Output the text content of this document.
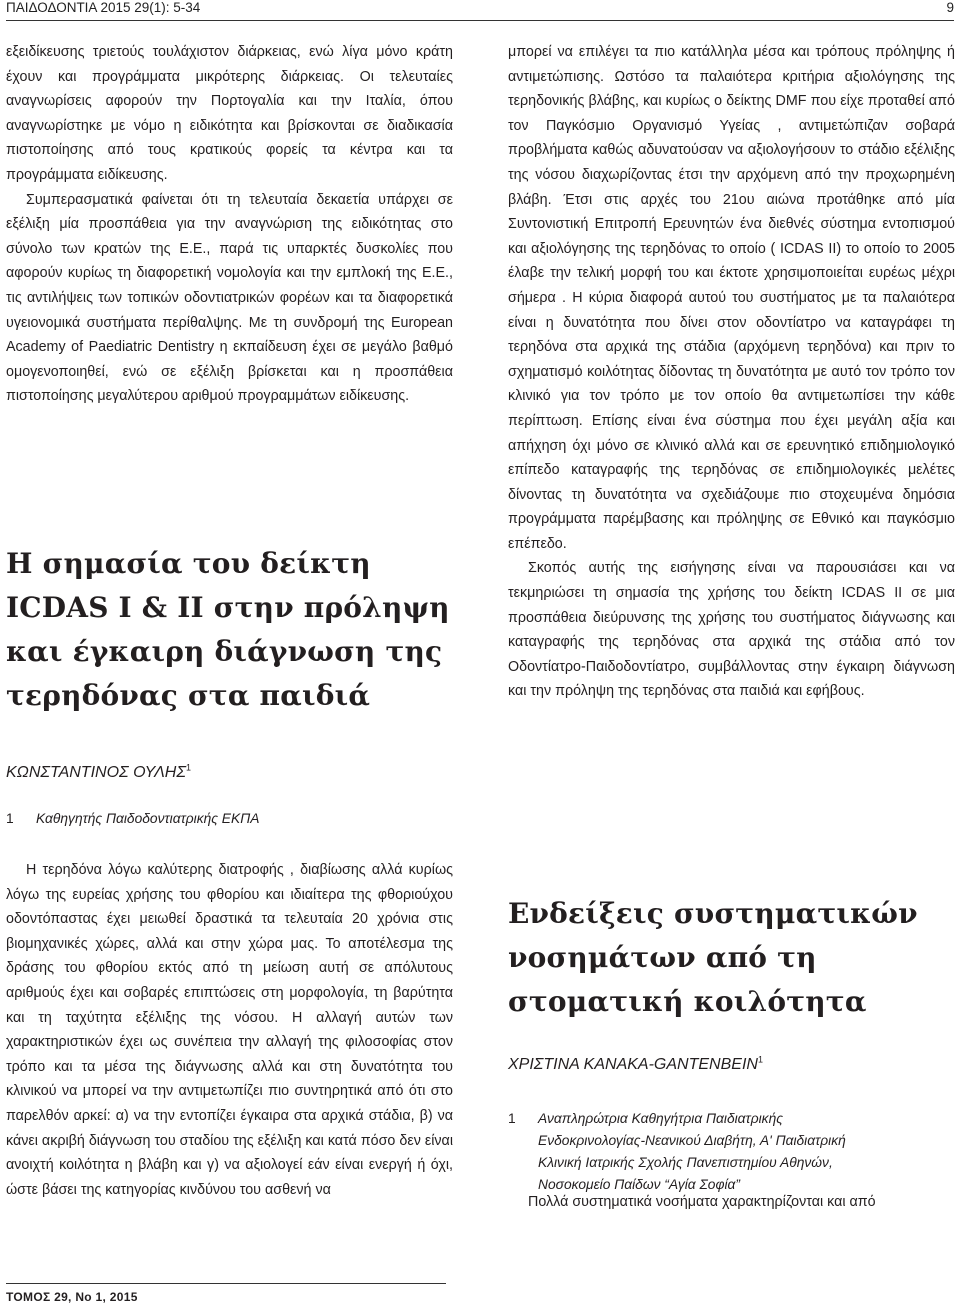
ΠΑΙΔΟΔΟΝΤΙΑ 2015 29(1): 5-34	9

εξειδίκευσης τριετούς τουλάχιστον διάρκειας, ενώ λίγα μόνο κράτη έχουν και προγράμματα μικρότερης διάρκειας. Οι τελευταίες αναγνωρίσεις αφορούν την Πορτογαλία και την Ιταλία, όπου αναγνωρίστηκε με νόμο η ειδικότητα και βρίσκονται σε διαδικασία πιστοποίησης από τους κρατικούς φορείς τα κέντρα και τα προγράμματα ειδίκευσης.

Συμπερασματικά φαίνεται ότι τη τελευταία δεκαετία υπάρχει σε εξέλιξη μία προσπάθεια για την αναγνώριση της ειδικότητας στο σύνολο των κρατών της Ε.Ε., παρά τις υπαρκτές δυσκολίες που αφορούν κυρίως τη διαφορετική νομολογία και την εμπλοκή της Ε.Ε., τις αντιλήψεις των τοπικών οδοντιατρικών φορέων και τα διαφορετικά υγειονομικά συστήματα περίθαλψης. Με τη συνδρομή της European Academy of Paediatric Dentistry η εκπαίδευση έχει σε μεγάλο βαθμό ομογενοποιηθεί, ενώ σε εξέλιξη βρίσκεται και η προσπάθεια πιστοποίησης μεγαλύτερου αριθμού προγραμμάτων ειδίκευσης.

Η σημασία του δείκτη ICDAS I & II στην πρόληψη και έγκαιρη διάγνωση της τερηδόνας στα παιδιά
ΚΩΝΣΤΑΝΤΙΝΟΣ ΟΥΛΗΣ$^1$
1 Καθηγητής Παιδοδοντιατρικής ΕΚΠΑ

Η τερηδόνα λόγω καλύτερης διατροφής , διαβίωσης αλλά κυρίως λόγω της ευρείας χρήσης του φθορίου και ιδιαίτερα της φθοριούχου οδοντόπαστας έχει μειωθεί δραστικά τα τελευταία 20 χρόνια στις βιομηχανικές χώρες, αλλά και στην χώρα μας. Το αποτέλεσμα της δράσης του φθορίου εκτός από τη μείωση αυτή σε απόλυτους αριθμούς έχει και σοβαρές επιπτώσεις στη μορφολογία, τη βαρύτητα και τη ταχύτητα εξέλιξης της νόσου. Η αλλαγή αυτών των χαρακτηριστικών έχει ως συνέπεια την αλλαγή της φιλοσοφίας στον τρόπο και τα μέσα της διάγνωσης αλλά και στη δυνατότητα του κλινικού να μπορεί να την αντιμετωπίζει πιο συντηρητικά από ότι στο παρελθόν αρκεί: α) να την εντοπίζει έγκαιρα στα αρχικά στάδια, β) να κάνει ακριβή διάγνωση του σταδίου της εξέλιξη και κατά πόσο δεν είναι ανοιχτή κοιλότητα η βλάβη και γ) να αξιολογεί εάν είναι ενεργή ή όχι, ώστε βάσει της κατηγορίας κινδύνου του ασθενή να

μπορεί να επιλέγει τα πιο κατάλληλα μέσα και τρόπους πρόληψης ή αντιμετώπισης. Ωστόσο τα παλαιότερα κριτήρια αξιολόγησης της τερηδονικής βλάβης, και κυρίως ο δείκτης DMF που είχε προταθεί από τον Παγκόσμιο Οργανισμό Υγείας , αντιμετώπιζαν σοβαρά προβλήματα καθώς αδυνατούσαν να αξιολογήσουν το στάδιο εξέλιξης της νόσου διαχωρίζοντας έτσι την αρχόμενη από την προχωρημένη βλάβη. Έτσι στις αρχές του 21ου αιώνα προτάθηκε από μία Συντονιστική Επιτροπή Ερευνητών ένα διεθνές σύστημα εντοπισμού και αξιολόγησης της τερηδόνας το οποίο ( ICDAS II) το οποίο το 2005 έλαβε την τελική μορφή του και έκτοτε χρησιμοποιείται ευρέως μέχρι σήμερα . Η κύρια διαφορά αυτού του συστήματος με τα παλαιότερα είναι η δυνατότητα που δίνει στον οδοντίατρο να καταγράφει τη τερηδόνα στα αρχικά της στάδια (αρχόμενη τερηδόνα) και πριν το σχηματισμό κοιλότητας δίδοντας τη δυνατότητα με αυτό τον τρόπο τον κλινικό για τον τρόπο με τον οποίο θα αντιμετωπίσει την κάθε περίπτωση. Επίσης είναι ένα σύστημα που έχει μεγάλη αξία και απήχηση όχι μόνο σε κλινικό αλλά και σε ερευνητικό επιδημιολογικό επίπεδο καταγραφής της τερηδόνας σε επιδημιολογικές μελέτες δίνοντας τη δυνατότητα να σχεδιάζουμε πιο στοχευμένα δημόσια προγράμματα παρέμβασης και πρόληψης σε Εθνικό και παγκόσμιο επέπεδο.

Σκοπός αυτής της εισήγησης είναι να παρουσιάσει και να τεκμηριώσει τη σημασία της χρήσης του δείκτη ICDAS II σε μια προσπάθεια διεύρυνσης της χρήσης του συστήματος διάγνωσης και καταγραφής της τερηδόνας στα αρχικά της στάδια από τον Οδοντίατρο-Παιδοδοντίατρο, συμβάλλοντας στην έγκαιρη διάγνωση και την πρόληψη της τερηδόνας στα παιδιά και εφήβους.

Ενδείξεις συστηματικών νοσημάτων από τη στοματική κοιλότητα
ΧΡΙΣΤΙΝΑ ΚΑΝΑΚΑ-GANTENBEIN$^1$
1 Αναπληρώτρια Καθηγήτρια Παιδιατρικής
Ενδοκρινολογίας-Νεανικού Διαβήτη, Α' Παιδιατρική
Κλινική Ιατρικής Σχολής Πανεπιστημίου Αθηνών,
Νοσοκομείο Παίδων “Αγία Σοφία”

Πολλά συστηματικά νοσήματα χαρακτηρίζονται και από

ΤΟΜΟΣ 29, Νο 1, 2015
